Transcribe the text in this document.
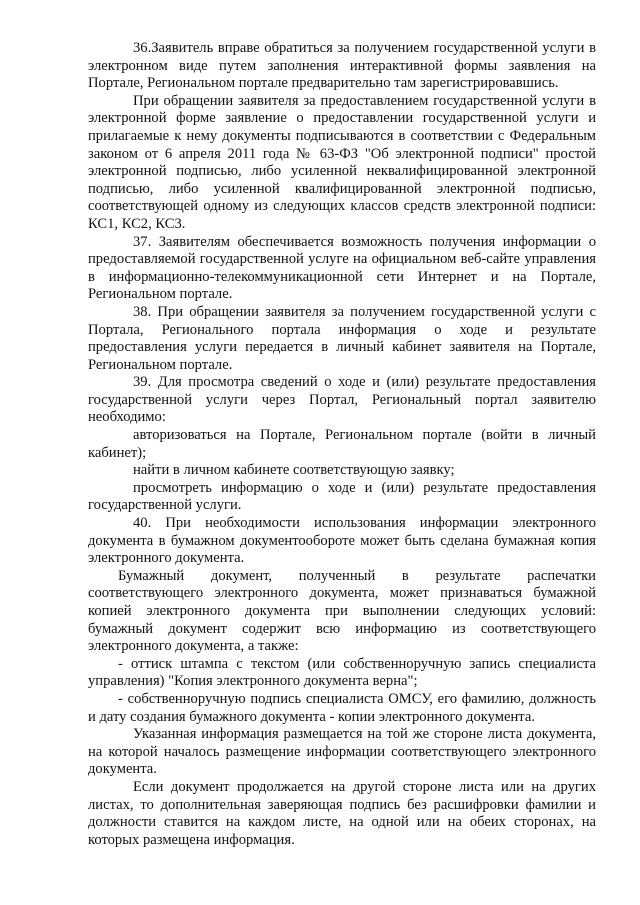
36.Заявитель вправе обратиться за получением государственной услуги в электронном виде путем заполнения интерактивной формы заявления на Портале, Региональном портале предварительно там зарегистрировавшись.

При обращении заявителя за предоставлением государственной услуги в электронной форме заявление о предоставлении государственной услуги и прилагаемые к нему документы подписываются в соответствии с Федеральным законом от 6 апреля 2011 года № 63-ФЗ "Об электронной подписи" простой электронной подписью, либо усиленной неквалифицированной электронной подписью, либо усиленной квалифицированной электронной подписью, соответствующей одному из следующих классов средств электронной подписи: КС1, КС2, КС3.

37. Заявителям обеспечивается возможность получения информации о предоставляемой государственной услуге на официальном веб-сайте управления в информационно-телекоммуникационной сети Интернет и на Портале, Региональном портале.

38. При обращении заявителя за получением государственной услуги с Портала, Регионального портала информация о ходе и результате предоставления услуги передается в личный кабинет заявителя на Портале, Региональном портале.

39. Для просмотра сведений о ходе и (или) результате предоставления государственной услуги через Портал, Региональный портал заявителю необходимо:

авторизоваться на Портале, Региональном портале (войти в личный кабинет);

найти в личном кабинете соответствующую заявку;

просмотреть информацию о ходе и (или) результате предоставления государственной услуги.

40. При необходимости использования информации электронного документа в бумажном документообороте может быть сделана бумажная копия электронного документа.

Бумажный документ, полученный в результате распечатки соответствующего электронного документа, может признаваться бумажной копией электронного документа при выполнении следующих условий: бумажный документ содержит всю информацию из соответствующего электронного документа, а также:

- оттиск штампа с текстом (или собственноручную запись специалиста управления) "Копия электронного документа верна";

- собственноручную подпись специалиста ОМСУ, его фамилию, должность и дату создания бумажного документа - копии электронного документа.

Указанная информация размещается на той же стороне листа документа, на которой началось размещение информации соответствующего электронного документа.

Если документ продолжается на другой стороне листа или на других листах, то дополнительная заверяющая подпись без расшифровки фамилии и должности ставится на каждом листе, на одной или на обеих сторонах, на которых размещена информация.
